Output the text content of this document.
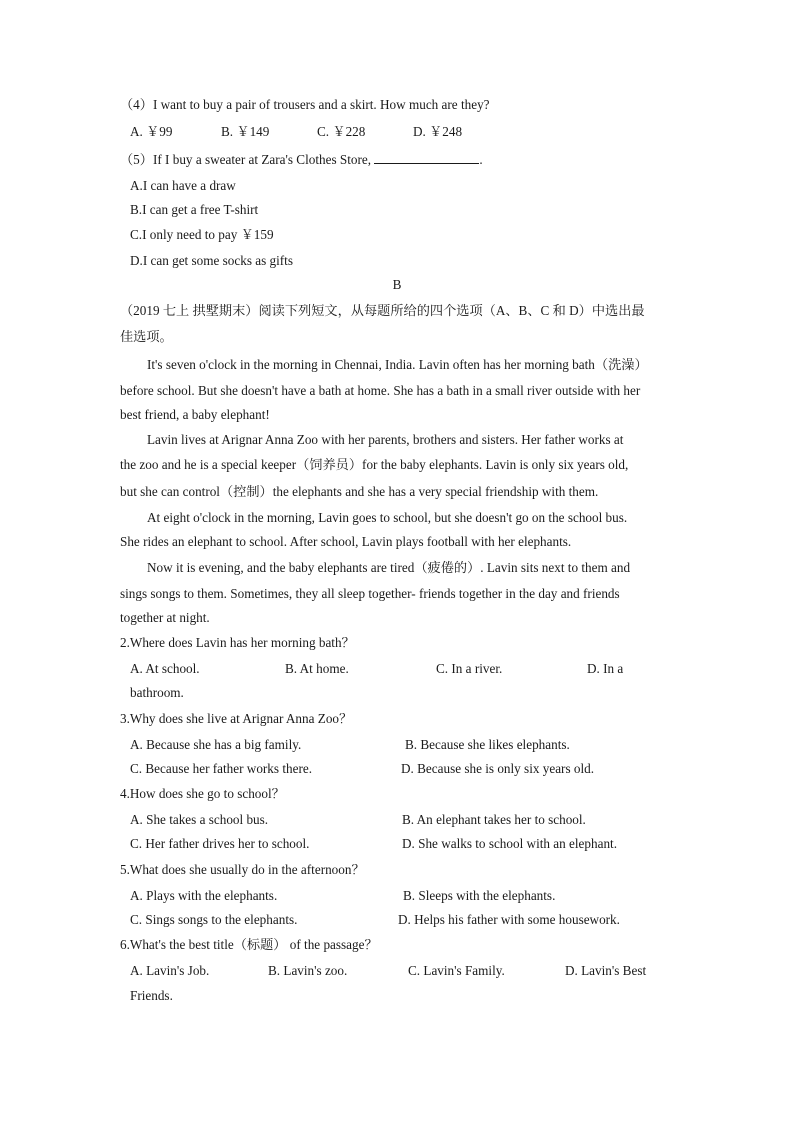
（4）I want to buy a pair of trousers and a skirt. How much are they?
A. ￥99	B. ￥149	C. ￥228	D. ￥248
（5）If I buy a sweater at Zara's Clothes Store,	.
A.I can have a draw
B.I can get a free T-shirt
C.I only need to pay ￥159
D.I can get some socks as gifts
B
（2019 七上 拱墅期末）阅读下列短文，从每题所给的四个选项（A、B、C 和 D）中选出最
佳选项。
It's seven o'clock in the morning in Chennai, India. Lavin often has her morning bath（洗澡）
before school. But she doesn't have a bath at home. She has a bath in a small river outside with her
best friend, a baby elephant!
Lavin lives at Arignar Anna Zoo with her parents, brothers and sisters. Her father works at
the zoo and he is a special keeper（饲养员）for the baby elephants. Lavin is only six years old,
but she can control（控制）the elephants and she has a very special friendship with them.
At eight o'clock in the morning, Lavin goes to school, but she doesn't go on the school bus.
She rides an elephant to school. After school, Lavin plays football with her elephants.
Now it is evening, and the baby elephants are tired（疲倦的）. Lavin sits next to them and
sings songs to them. Sometimes, they all sleep together- friends together in the day and friends
together at night.
2.Where does Lavin has her morning bath？
A. At school.	B. At home.	C. In a river.	D. In a
bathroom.
3.Why does she live at Arignar Anna Zoo？
A. Because she has a big family.	B. Because she likes elephants.
C. Because her father works there.	D. Because she is only six years old.
4.How does she go to school？
A. She takes a school bus.	B. An elephant takes her to school.
C. Her father drives her to school.	D. She walks to school with an elephant.
5.What does she usually do in the afternoon？
A. Plays with the elephants.	B. Sleeps with the elephants.
C. Sings songs to the elephants.	D. Helps his father with some housework.
6.What's the best title（标题） of the passage？
A. Lavin's Job.	B. Lavin's zoo.	C. Lavin's Family.	D. Lavin's Best
Friends.
